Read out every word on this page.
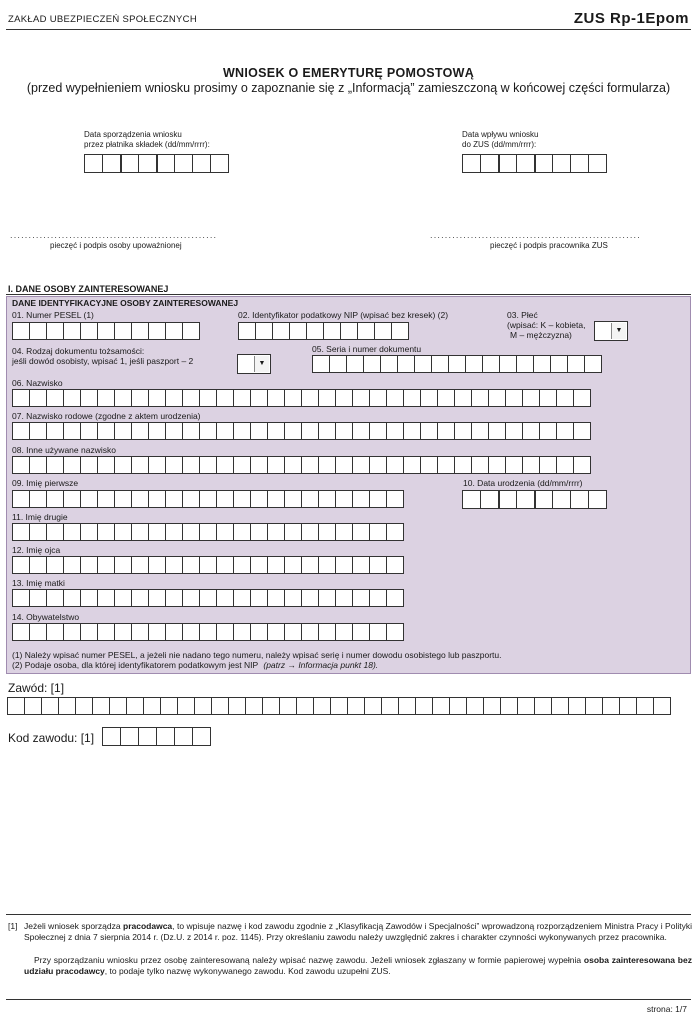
ZAKŁAD UBEZPIECZEŃ SPOŁECZNYCH	ZUS Rp-1Epom
WNIOSEK O EMERYTURĘ POMOSTOWĄ
(przed wypełnieniem wniosku prosimy o zapoznanie się z „Informacją” zamieszczoną w końcowej części formularza)
Data sporządzenia wniosku
przez płatnika składek (dd/mm/rrrr):
Data wpływu wniosku
do ZUS (dd/mm/rrrr):
........................................................
pieczęć i podpis osoby upoważnionej
.........................................................
pieczęć i podpis pracownika ZUS
I. DANE OSOBY ZAINTERESOWANEJ
DANE IDENTYFIKACYJNE OSOBY ZAINTERESOWANEJ
01. Numer PESEL (1)	02. Identyfikator podatkowy NIP (wpisać bez kresek) (2)	03. Płeć
(wpisać: K – kobieta,
M – mężczyzna)	▼
04. Rodzaj dokumentu tożsamości:
jeśli dowód osobisty, wpisać 1, jeśli paszport – 2	▼
05. Seria i numer dokumentu
06. Nazwisko
07. Nazwisko rodowe (zgodne z aktem urodzenia)
08. Inne używane nazwisko
09. Imię pierwsze	10. Data urodzenia (dd/mm/rrrr)
11. Imię drugie
12. Imię ojca
13. Imię matki
14. Obywatelstwo
(1) Należy wpisać numer PESEL, a jeżeli nie nadano tego numeru, należy wpisać serię i numer dowodu osobistego lub paszportu.
(2) Podaje osoba, dla której identyfikatorem podatkowym jest NIP (patrz → Informacja punkt 18).
Zawód: [1]
Kod zawodu: [1]
[1] Jeżeli wniosek sporządza pracodawca, to wpisuje nazwę i kod zawodu zgodnie z „Klasyfikacją Zawodów i Specjalności” wprowadzoną rozporządzeniem Ministra Pracy i Polityki Społecznej z dnia 7 sierpnia 2014 r. (Dz.U. z 2014 r. poz. 1145). Przy określaniu zawodu należy uwzględnić zakres i charakter czynności wykonywanych przez pracownika.
Przy sporządzaniu wniosku przez osobę zainteresowaną należy wpisać nazwę zawodu. Jeżeli wniosek zgłaszany w formie papierowej wypełnia osoba zainteresowana bez udziału pracodawcy, to podaje tylko nazwę wykonywanego zawodu. Kod zawodu uzupełni ZUS.
strona: 1/7
